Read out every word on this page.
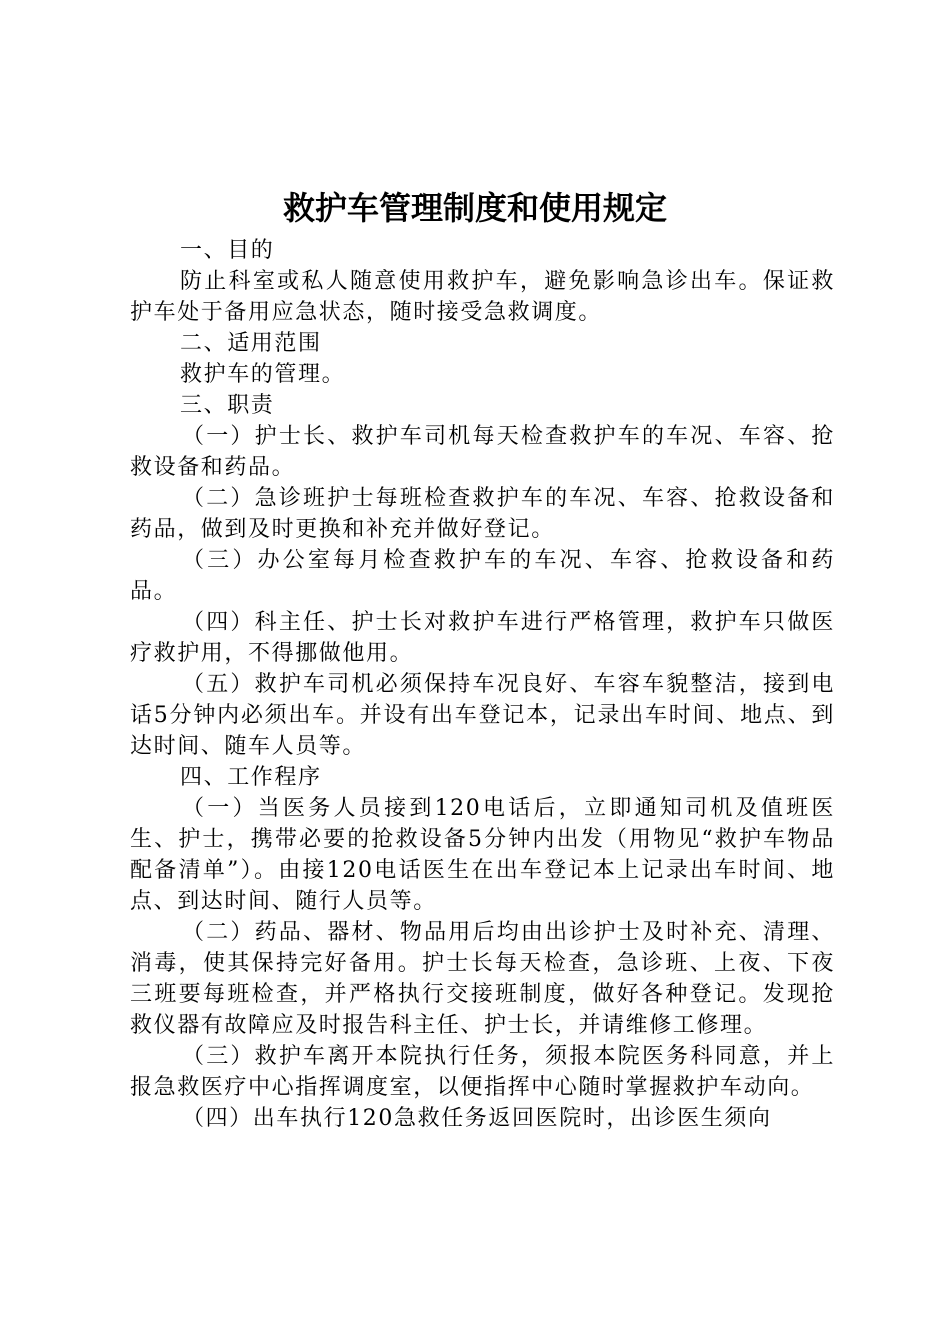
救护车管理制度和使用规定

一、目的

防止科室或私人随意使用救护车，避免影响急诊出车。保证救护车处于备用应急状态，随时接受急救调度。

二、适用范围

救护车的管理。

三、职责

（一）护士长、救护车司机每天检查救护车的车况、车容、抢救设备和药品。

（二）急诊班护士每班检查救护车的车况、车容、抢救设备和药品，做到及时更换和补充并做好登记。

（三）办公室每月检查救护车的车况、车容、抢救设备和药品。

（四）科主任、护士长对救护车进行严格管理，救护车只做医疗救护用，不得挪做他用。

（五）救护车司机必须保持车况良好、车容车貌整洁，接到电话5分钟内必须出车。并设有出车登记本，记录出车时间、地点、到达时间、随车人员等。

四、工作程序

（一）当医务人员接到120电话后，立即通知司机及值班医生、护士，携带必要的抢救设备5分钟内出发（用物见“救护车物品配备清单”）。由接120电话医生在出车登记本上记录出车时间、地点、到达时间、随行人员等。

（二）药品、器材、物品用后均由出诊护士及时补充、清理、消毒，使其保持完好备用。护士长每天检查，急诊班、上夜、下夜三班要每班检查，并严格执行交接班制度，做好各种登记。发现抢救仪器有故障应及时报告科主任、护士长，并请维修工修理。

（三）救护车离开本院执行任务，须报本院医务科同意，并上报急救医疗中心指挥调度室，以便指挥中心随时掌握救护车动向。

（四）出车执行120急救任务返回医院时，出诊医生须向
